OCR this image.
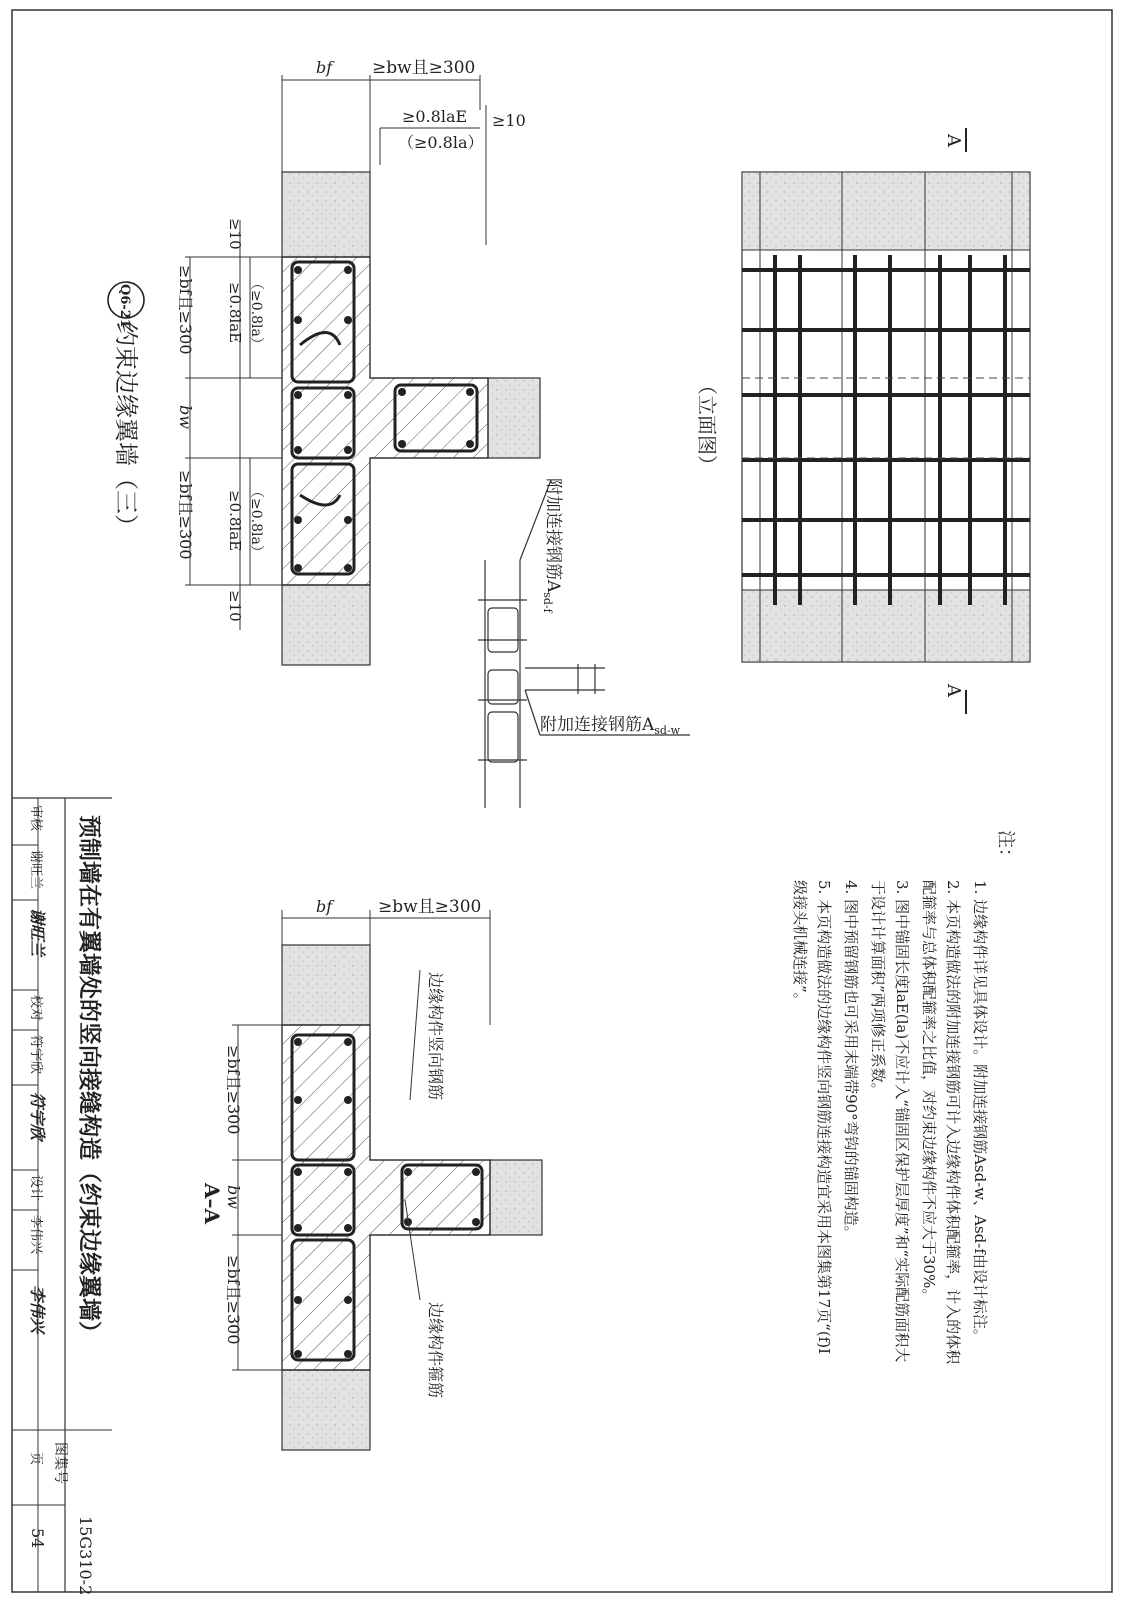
bf ≥bw且≥300
≥0.8laE
（≥0.8la）
≥10
≥bf且≥300
bw
≥bf且≥300
≥10
≥0.8laE
≥0.8laE
≥10
（≥0.8la）
（≥0.8la）
Q6-21
约束边缘翼墙（三）	附加连接钢筋$A_{sd-f}$
附加连接钢筋$A_{sd-w}$
A
A
（立面图）
注：
1. 边缘构件详见具体设计。附加连接钢筋Asd-w、Asd-f由设计标注。
2. 本页构造做法的附加连接钢筋可计入边缘构件体积配箍率，计入的体积
配箍率与总体积配箍率之比值，对约束边缘构件不应大于30%。
3. 图中锚固长度laE(la)不应计入“锚固区保护层厚度”和“实际配筋面积大
于设计计算面积”两项修正系数。
4. 图中预留钢筋也可采用末端带90°弯钩的锚固构造。
5. 本页构造做法的边缘构件竖向钢筋连接构造宜采用本图集第17页“(f)Ⅰ
级接头机械连接”。
bf	≥bw且≥300
≥bf且≥300
bw
≥bf且≥300
边缘构件竖向钢筋
边缘构件箍筋
A–A
预制墙在有翼墙处的竖向接缝构造（约束边缘翼墙）
图集号
15G310-2
审核
谢旺兰
谢旺兰
校对
符宇欣
符宇欣
设计
李伟兴
李伟兴
页
54
